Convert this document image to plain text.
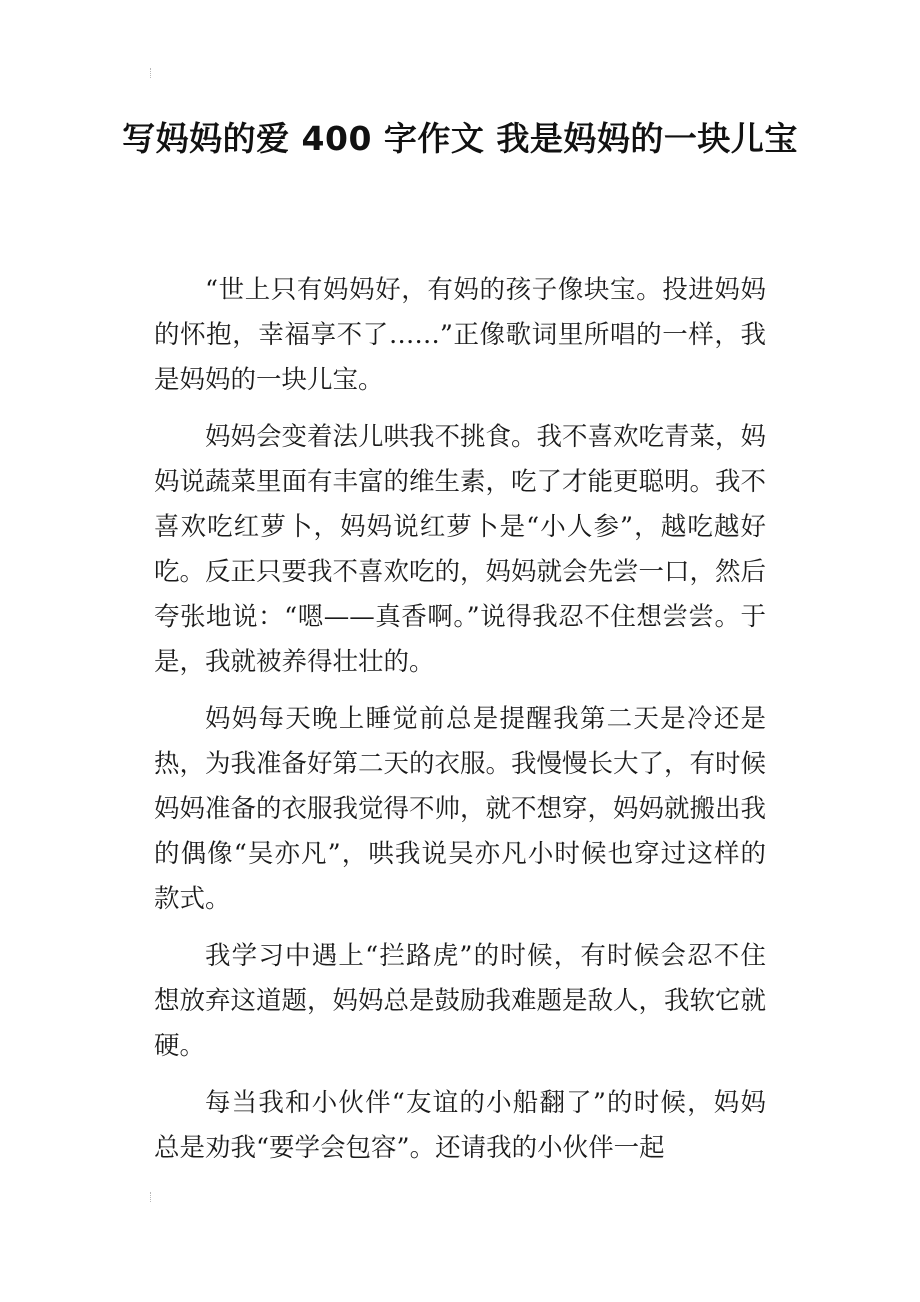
写妈妈的爱 400 字作文 我是妈妈的一块儿宝

“世上只有妈妈好，有妈的孩子像块宝。投进妈妈的怀抱，幸福享不了……”正像歌词里所唱的一样，我是妈妈的一块儿宝。

妈妈会变着法儿哄我不挑食。我不喜欢吃青菜，妈妈说蔬菜里面有丰富的维生素，吃了才能更聪明。我不喜欢吃红萝卜，妈妈说红萝卜是“小人参”，越吃越好吃。反正只要我不喜欢吃的，妈妈就会先尝一口，然后夸张地说：“嗯——真香啊。”说得我忍不住想尝尝。于是，我就被养得壮壮的。

妈妈每天晚上睡觉前总是提醒我第二天是冷还是热，为我准备好第二天的衣服。我慢慢长大了，有时候妈妈准备的衣服我觉得不帅，就不想穿，妈妈就搬出我的偶像“吴亦凡”，哄我说吴亦凡小时候也穿过这样的款式。

我学习中遇上“拦路虎”的时候，有时候会忍不住想放弃这道题，妈妈总是鼓励我难题是敌人，我软它就硬。

每当我和小伙伴“友谊的小船翻了”的时候，妈妈总是劝我“要学会包容”。还请我的小伙伴一起
